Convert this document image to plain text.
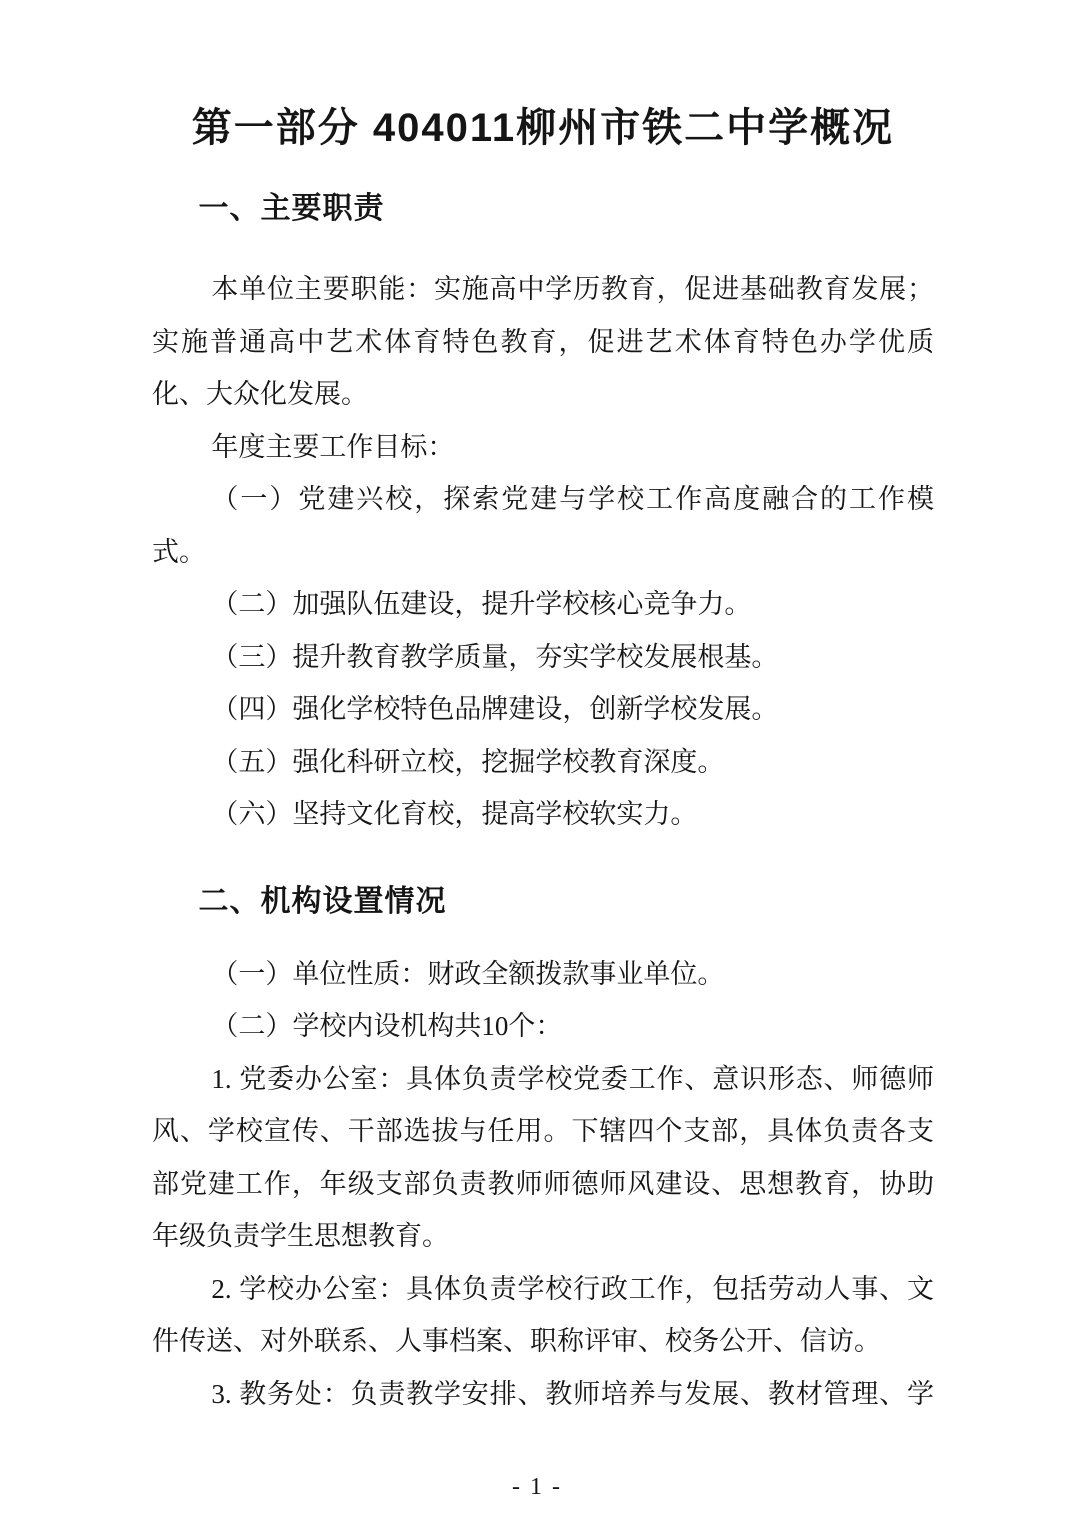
第一部分 404011柳州市铁二中学概况
一、主要职责
本单位主要职能：实施高中学历教育，促进基础教育发展；
实施普通高中艺术体育特色教育，促进艺术体育特色办学优质
化、大众化发展。
年度主要工作目标：
（一）党建兴校，探索党建与学校工作高度融合的工作模
式。
（二）加强队伍建设，提升学校核心竞争力。
（三）提升教育教学质量，夯实学校发展根基。
（四）强化学校特色品牌建设，创新学校发展。
（五）强化科研立校，挖掘学校教育深度。
（六）坚持文化育校，提高学校软实力。
二、机构设置情况
（一）单位性质：财政全额拨款事业单位。
（二）学校内设机构共10个：
1. 党委办公室：具体负责学校党委工作、意识形态、师德师
风、学校宣传、干部选拔与任用。下辖四个支部，具体负责各支
部党建工作，年级支部负责教师师德师风建设、思想教育，协助
年级负责学生思想教育。
2. 学校办公室：具体负责学校行政工作，包括劳动人事、文
件传送、对外联系、人事档案、职称评审、校务公开、信访。
3. 教务处：负责教学安排、教师培养与发展、教材管理、学
- 1 -
